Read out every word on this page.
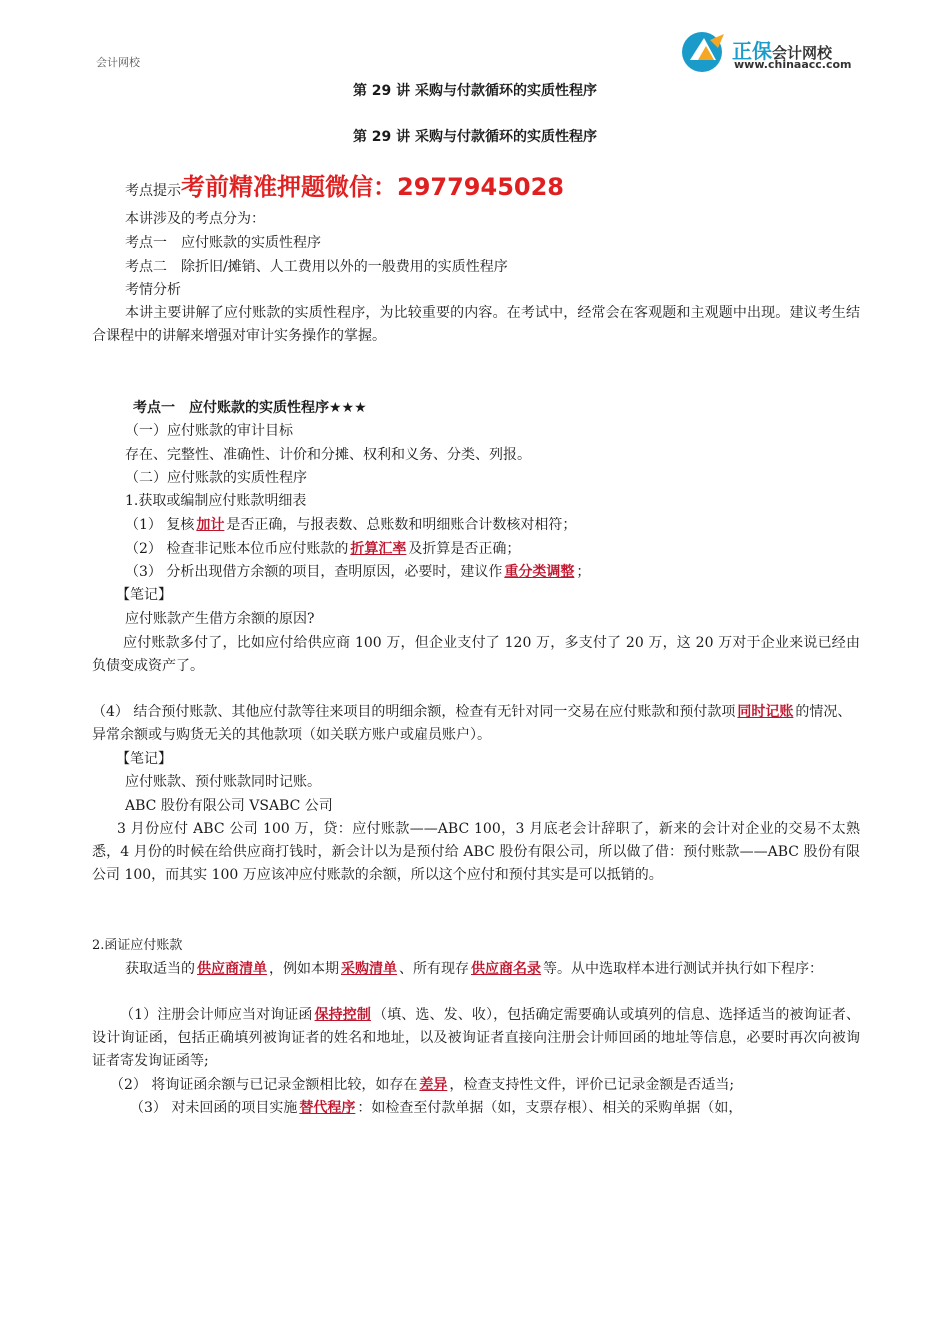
会计网校	正保会计网校
www.chinaacc.com
第 29 讲 采购与付款循环的实质性程序
第 29 讲 采购与付款循环的实质性程序
考点提示考前精准押题微信：2977945028
本讲涉及的考点分为：
考点一　应付账款的实质性程序
考点二　除折旧/摊销、人工费用以外的一般费用的实质性程序
考情分析
本讲主要讲解了应付账款的实质性程序，为比较重要的内容。在考试中，经常会在客观题和主观题中出现。建议考生结合课程中的讲解来增强对审计实务操作的掌握。
考点一　应付账款的实质性程序★★★
（一）应付账款的审计目标
存在、完整性、准确性、计价和分摊、权利和义务、分类、列报。
（二）应付账款的实质性程序
1.获取或编制应付账款明细表
（1） 复核 加计 是否正确，与报表数、总账数和明细账合计数核对相符；
（2） 检查非记账本位币应付账款的 折算汇率 及折算是否正确；
（3） 分析出现借方余额的项目，查明原因，必要时，建议作 重分类调整 ；
【笔记】
应付账款产生借方余额的原因?
应付账款多付了，比如应付给供应商 100 万，但企业支付了 120 万，多支付了 20 万，这 20 万对于企业来说已经由负债变成资产了。
（4） 结合预付账款、其他应付款等往来项目的明细余额，检查有无针对同一交易在应付账款和预付款项 同时记账 的情况、异常余额或与购货无关的其他款项（如关联方账户或雇员账户）。
【笔记】
应付账款、预付账款同时记账。
ABC 股份有限公司 VSABC 公司
3 月份应付 ABC 公司 100 万，贷：应付账款——ABC 100，3 月底老会计辞职了，新来的会计对企业的交易不太熟悉，4 月份的时候在给供应商打钱时，新会计以为是预付给 ABC 股份有限公司，所以做了借：预付账款——ABC 股份有限公司 100，而其实 100 万应该冲应付账款的余额，所以这个应付和预付其实是可以抵销的。
2.函证应付账款
获取适当的 供应商清单 ，例如本期 采购清单 、所有现存 供应商名录 等。从中选取样本进行测试并执行如下程序：
（1）注册会计师应当对询证函 保持控制 （填、选、发、收），包括确定需要确认或填列的信息、选择适当的被询证者、设计询证函，包括正确填列被询证者的姓名和地址，以及被询证者直接向注册会计师回函的地址等信息，必要时再次向被询证者寄发询证函等;
（2） 将询证函余额与已记录金额相比较，如存在 差异 ，检查支持性文件，评价已记录金额是否适当;
（3） 对未回函的项目实施 替代程序 ：如检查至付款单据（如，支票存根）、相关的采购单据（如，
